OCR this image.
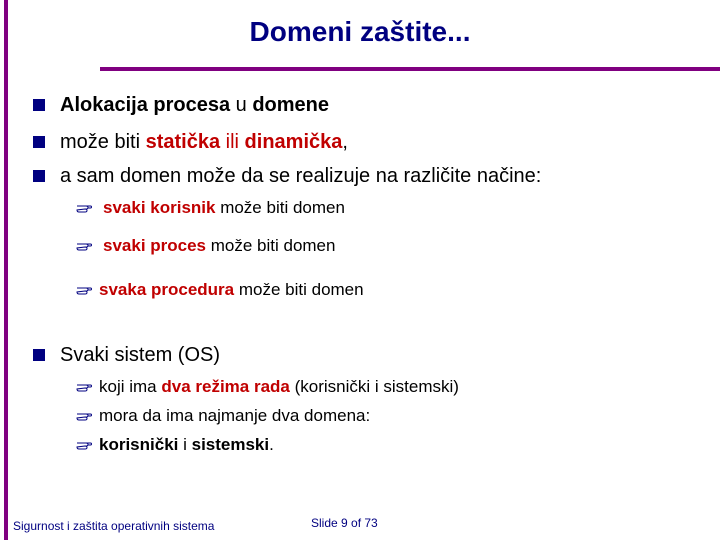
Domeni zaštite...
Alokacija procesa u domene
može biti statička ili dinamička ,
a sam domen može da se realizuje na različite načine:
svaki korisnik može biti domen
svaki proces može biti domen
svaka procedura može biti domen
Svaki sistem (OS)
koji ima dva režima rada (korisnički i sistemski)
mora da ima najmanje dva domena:
korisnički i sistemski .
Sigurnost i zaštita operativnih sistema	Slide 9 of 73
